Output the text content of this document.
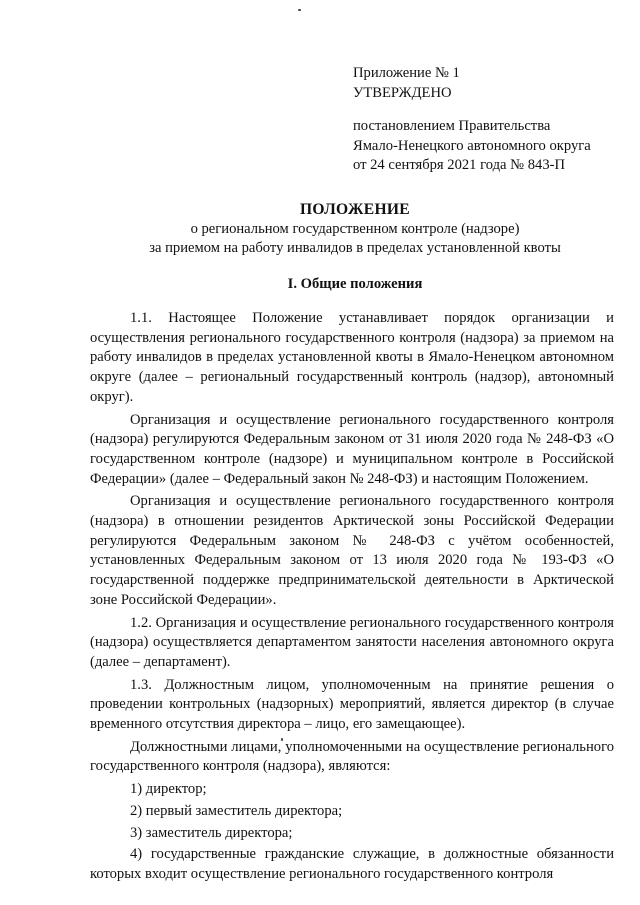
Приложение № 1
УТВЕРЖДЕНО
постановлением Правительства
Ямало-Ненецкого автономного округа
от 24 сентября 2021 года № 843-П
ПОЛОЖЕНИЕ
о региональном государственном контроле (надзоре)
за приемом на работу инвалидов в пределах установленной квоты
I. Общие положения

1.1. Настоящее Положение устанавливает порядок организации и осуществления регионального государственного контроля (надзора) за приемом на работу инвалидов в пределах установленной квоты в Ямало-Ненецком автономном округе (далее – региональный государственный контроль (надзор), автономный округ).

Организация и осуществление регионального государственного контроля (надзора) регулируются Федеральным законом от 31 июля 2020 года № 248-ФЗ «О государственном контроле (надзоре) и муниципальном контроле в Российской Федерации» (далее – Федеральный закон № 248-ФЗ) и настоящим Положением.

Организация и осуществление регионального государственного контроля (надзора) в отношении резидентов Арктической зоны Российской Федерации регулируются Федеральным законом № 248-ФЗ с учётом особенностей, установленных Федеральным законом от 13 июля 2020 года № 193-ФЗ «О государственной поддержке предпринимательской деятельности в Арктической зоне Российской Федерации».

1.2. Организация и осуществление регионального государственного контроля (надзора) осуществляется департаментом занятости населения автономного округа (далее – департамент).

1.3. Должностным лицом, уполномоченным на принятие решения о проведении контрольных (надзорных) мероприятий, является директор (в случае временного отсутствия директора – лицо, его замещающее).

Должностными лицами, уполномоченными на осуществление регионального государственного контроля (надзора), являются:

1) директор;

2) первый заместитель директора;

3) заместитель директора;

4) государственные гражданские служащие, в должностные обязанности которых входит осуществление регионального государственного контроля
